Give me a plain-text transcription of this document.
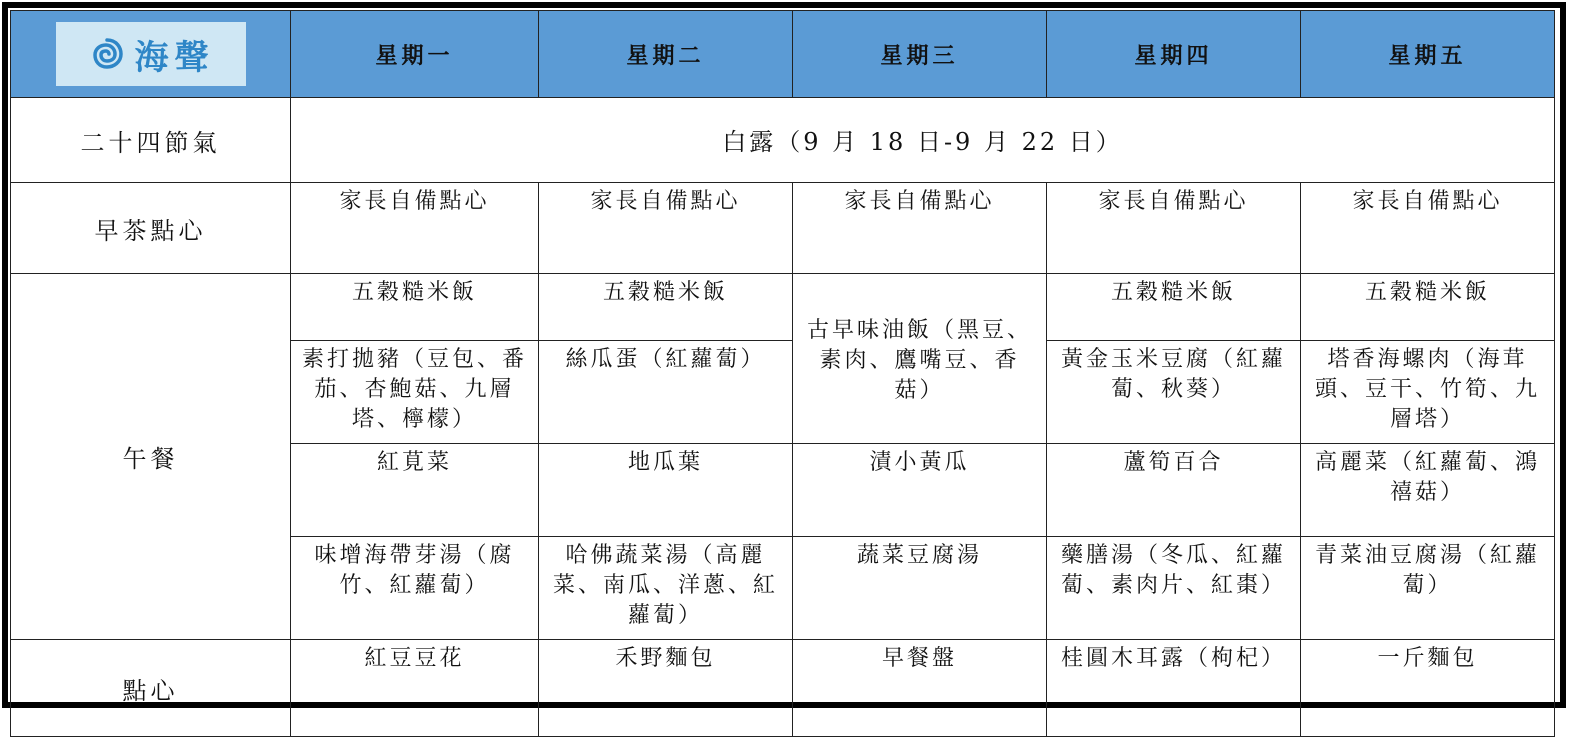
海聲	星期一	星期二	星期三	星期四	星期五
二十四節氣	白露（9 月 18 日-9 月 22 日）				
早茶點心	家長自備點心	家長自備點心	家長自備點心	家長自備點心	家長自備點心
午餐	五穀糙米飯	五穀糙米飯	古早味油飯（黑豆、素肉、鷹嘴豆、香菇）	五穀糙米飯	五穀糙米飯
	素打拋豬（豆包、番茄、杏鮑菇、九層塔、檸檬）	絲瓜蛋（紅蘿蔔）		黃金玉米豆腐（紅蘿蔔、秋葵）	塔香海螺肉（海茸頭、豆干、竹筍、九層塔）
	紅莧菜	地瓜葉	漬小黃瓜	蘆筍百合	高麗菜（紅蘿蔔、鴻禧菇）
	味增海帶芽湯（腐竹、紅蘿蔔）	哈佛蔬菜湯（高麗菜、南瓜、洋蔥、紅蘿蔔）	蔬菜豆腐湯	藥膳湯（冬瓜、紅蘿蔔、素肉片、紅棗）	青菜油豆腐湯（紅蘿蔔）
點心	紅豆豆花	禾野麵包	早餐盤	桂圓木耳露（枸杞）	一斤麵包
